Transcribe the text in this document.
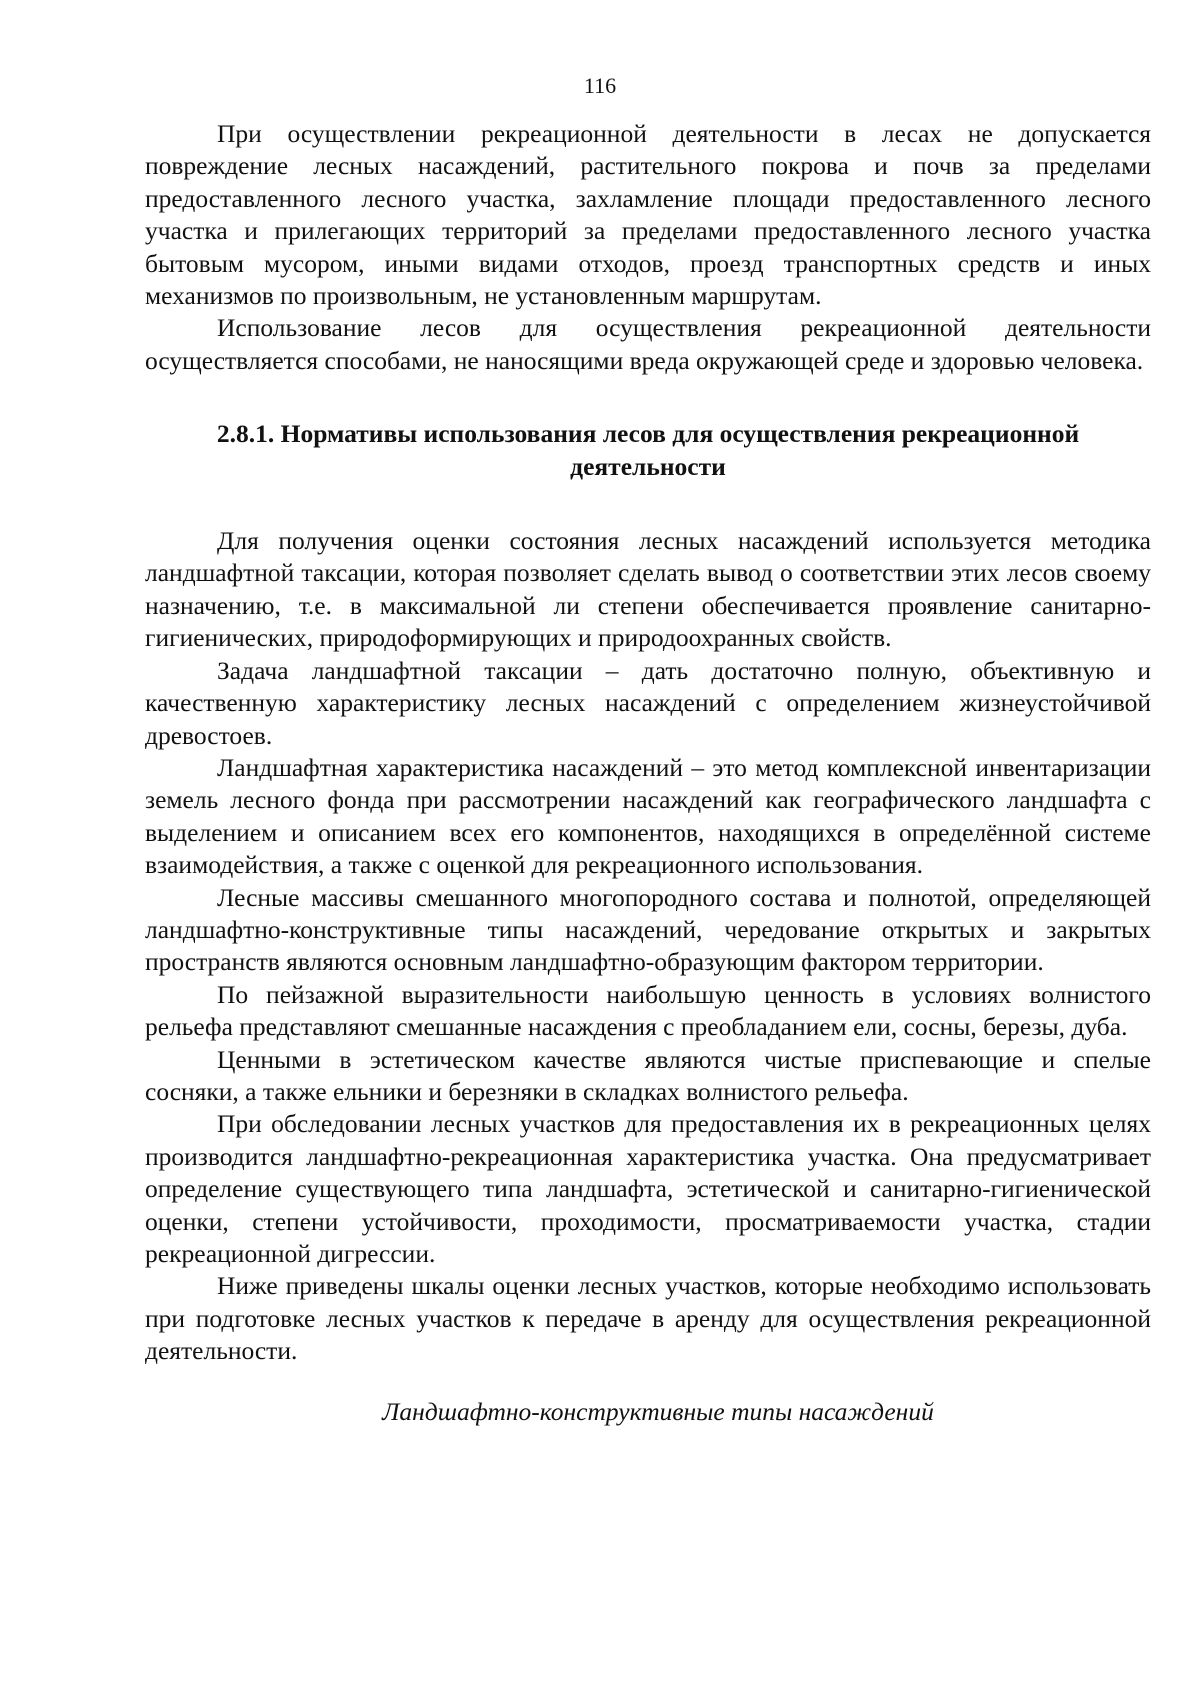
116

При осуществлении рекреационной деятельности в лесах не допускается повреждение лесных насаждений, растительного покрова и почв за пределами предоставленного лесного участка, захламление площади предоставленного лесного участка и прилегающих территорий за пределами предоставленного лесного участка бытовым мусором, иными видами отходов, проезд транспортных средств и иных механизмов по произвольным, не установленным маршрутам.

Использование лесов для осуществления рекреационной деятельности осуществляется способами, не наносящими вреда окружающей среде и здоровью человека.

2.8.1. Нормативы использования лесов для осуществления рекреационной деятельности

Для получения оценки состояния лесных насаждений используется методика ландшафтной таксации, которая позволяет сделать вывод о соответствии этих лесов своему назначению, т.е. в максимальной ли степени обеспечивается проявление санитарно-гигиенических, природоформирующих и природоохранных свойств.

Задача ландшафтной таксации – дать достаточно полную, объективную и качественную характеристику лесных насаждений с определением жизнеустойчивой древостоев.

Ландшафтная характеристика насаждений – это метод комплексной инвентаризации земель лесного фонда при рассмотрении насаждений как географического ландшафта с выделением и описанием всех его компонентов, находящихся в определённой системе взаимодействия, а также с оценкой для рекреационного использования.

Лесные массивы смешанного многопородного состава и полнотой, определяющей ландшафтно-конструктивные типы насаждений, чередование открытых и закрытых пространств являются основным ландшафтно-образующим фактором территории.

По пейзажной выразительности наибольшую ценность в условиях волнистого рельефа представляют смешанные насаждения с преобладанием ели, сосны, березы, дуба.

Ценными в эстетическом качестве являются чистые приспевающие и спелые сосняки, а также ельники и березняки в складках волнистого рельефа.

При обследовании лесных участков для предоставления их в рекреационных целях производится ландшафтно-рекреационная характеристика участка. Она предусматривает определение существующего типа ландшафта, эстетической и санитарно-гигиенической оценки, степени устойчивости, проходимости, просматриваемости участка, стадии рекреационной дигрессии.

Ниже приведены шкалы оценки лесных участков, которые необходимо использовать при подготовке лесных участков к передаче в аренду для осуществления рекреационной деятельности.

Ландшафтно-конструктивные типы насаждений
